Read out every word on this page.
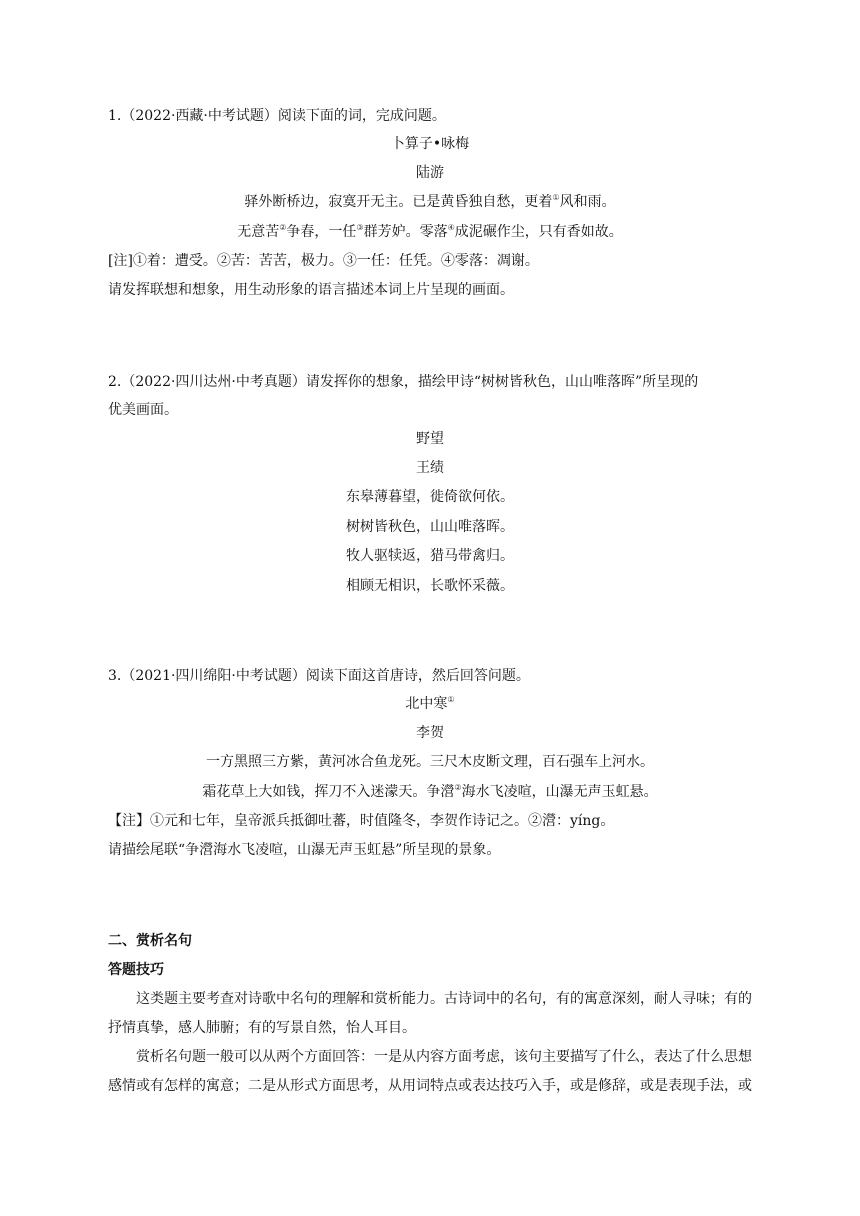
1.（2022·西藏·中考试题）阅读下面的词，完成问题。
卜算子•咏梅
陆游
驿外断桥边，寂寞开无主。已是黄昏独自愁，更着①风和雨。
无意苦②争春，一任③群芳妒。零落④成泥碾作尘，只有香如故。
[注]①着：遭受。②苦：苦苦，极力。③一任：任凭。④零落：凋谢。
请发挥联想和想象，用生动形象的语言描述本词上片呈现的画面。
2.（2022·四川达州·中考真题）请发挥你的想象，描绘甲诗“树树皆秋色，山山唯落晖”所呈现的
优美画面。
野望
王绩
东皋薄暮望，徙倚欲何依。
树树皆秋色，山山唯落晖。
牧人驱犊返，猎马带禽归。
相顾无相识，长歌怀采薇。
3.（2021·四川绵阳·中考试题）阅读下面这首唐诗，然后回答问题。
北中寒①
李贺
一方黑照三方紫，黄河冰合鱼龙死。三尺木皮断文理，百石强车上河水。
霜花草上大如钱，挥刀不入迷濛天。争瀯②海水飞凌喧，山瀑无声玉虹悬。
【注】①元和七年，皇帝派兵抵御吐蕃，时值隆冬，李贺作诗记之。②瀯：yíng。
请描绘尾联“争瀯海水飞凌喧，山瀑无声玉虹悬”所呈现的景象。
二、赏析名句
答题技巧
这类题主要考查对诗歌中名句的理解和赏析能力。古诗词中的名句，有的寓意深刻，耐人寻味；有的
抒情真挚，感人肺腑；有的写景自然，怡人耳目。
赏析名句题一般可以从两个方面回答：一是从内容方面考虑，该句主要描写了什么，表达了什么思想
感情或有怎样的寓意；二是从形式方面思考，从用词特点或表达技巧入手，或是修辞，或是表现手法，或
